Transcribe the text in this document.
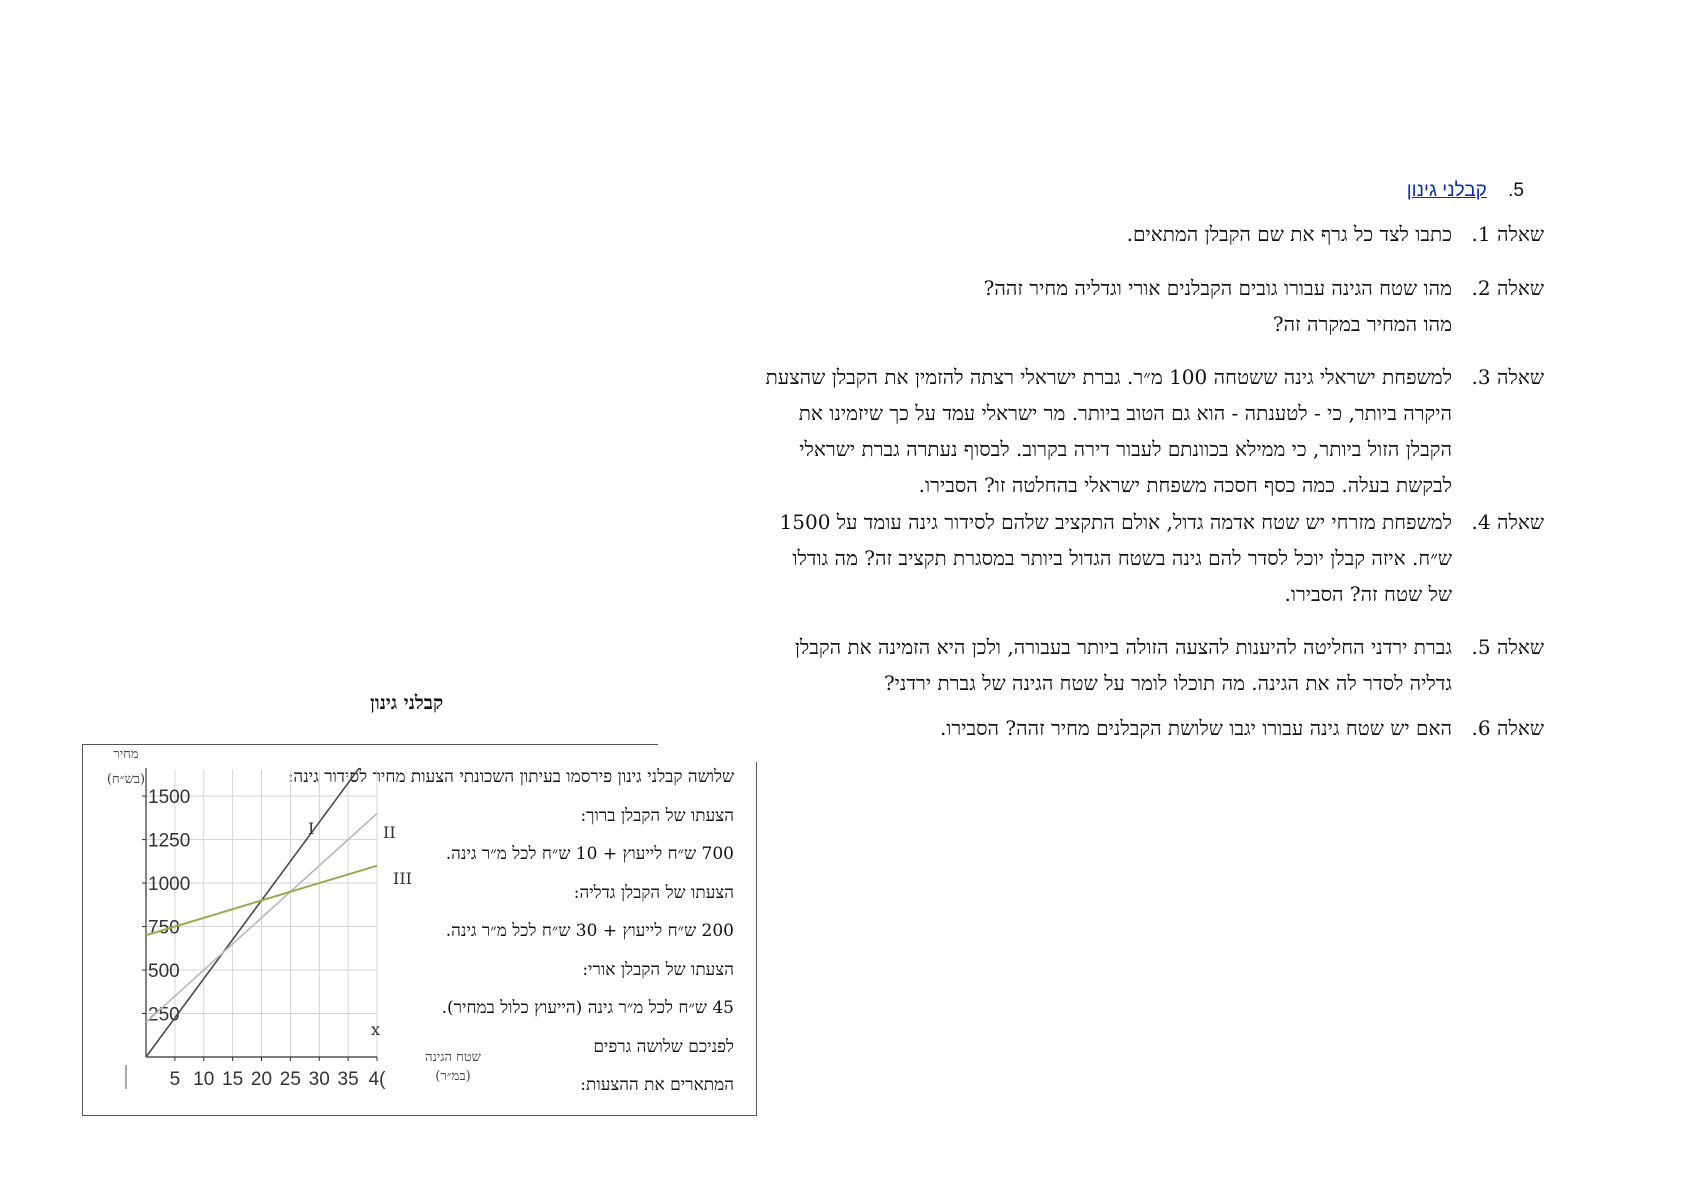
5. קבלני גינון
שאלה 1.
כתבו לצד כל גרף את שם הקבלן המתאים.
שאלה 2.
מהו שטח הגינה עבורו גובים הקבלנים אורי וגדליה מחיר זהה?
מהו המחיר במקרה זה?
שאלה 3.
למשפחת ישראלי גינה ששטחה 100 מ״ר. גברת ישראלי רצתה להזמין את הקבלן שהצעת
היקרה ביותר, כי - לטענתה - הוא גם הטוב ביותר. מר ישראלי עמד על כך שיזמינו את
הקבלן הזול ביותר, כי ממילא בכוונתם לעבור דירה בקרוב. לבסוף נעתרה גברת ישראלי
לבקשת בעלה. כמה כסף חסכה משפחת ישראלי בהחלטה זו? הסבירו.
שאלה 4.
למשפחת מזרחי יש שטח אדמה גדול, אולם התקציב שלהם לסידור גינה עומד על 1500
ש״ח. איזה קבלן יוכל לסדר להם גינה בשטח הגדול ביותר במסגרת תקציב זה? מה גודלו
של שטח זה? הסבירו.
שאלה 5.
גברת ירדני החליטה להיענות להצעה הזולה ביותר בעבורה, ולכן היא הזמינה את הקבלן
גדליה לסדר לה את הגינה. מה תוכלו לומר על שטח הגינה של גברת ירדני?
שאלה 6.
האם יש שטח גינה עבורו יגבו שלושת הקבלנים מחיר זהה? הסבירו.
קבלני גינון
שלושה קבלני גינון פירסמו בעיתון השכונתי הצעות מחיר לסידור גינה:
הצעתו של הקבלן ברוך:
700 ש״ח לייעוץ + 10 ש״ח לכל מ״ר גינה.
הצעתו של הקבלן גדליה:
200 ש״ח לייעוץ + 30 ש״ח לכל מ״ר גינה.
הצעתו של הקבלן אורי:
45 ש״ח לכל מ״ר גינה (הייעוץ כלול במחיר).
לפניכם שלושה גרפים
המתארים את ההצעות:
250
500
750
1000
1250
1500
5 10 15 20 25 30 35 4(
x
I	II
III
מחיר
(בש״ח)
שטח הגינה
(במ״ר)
